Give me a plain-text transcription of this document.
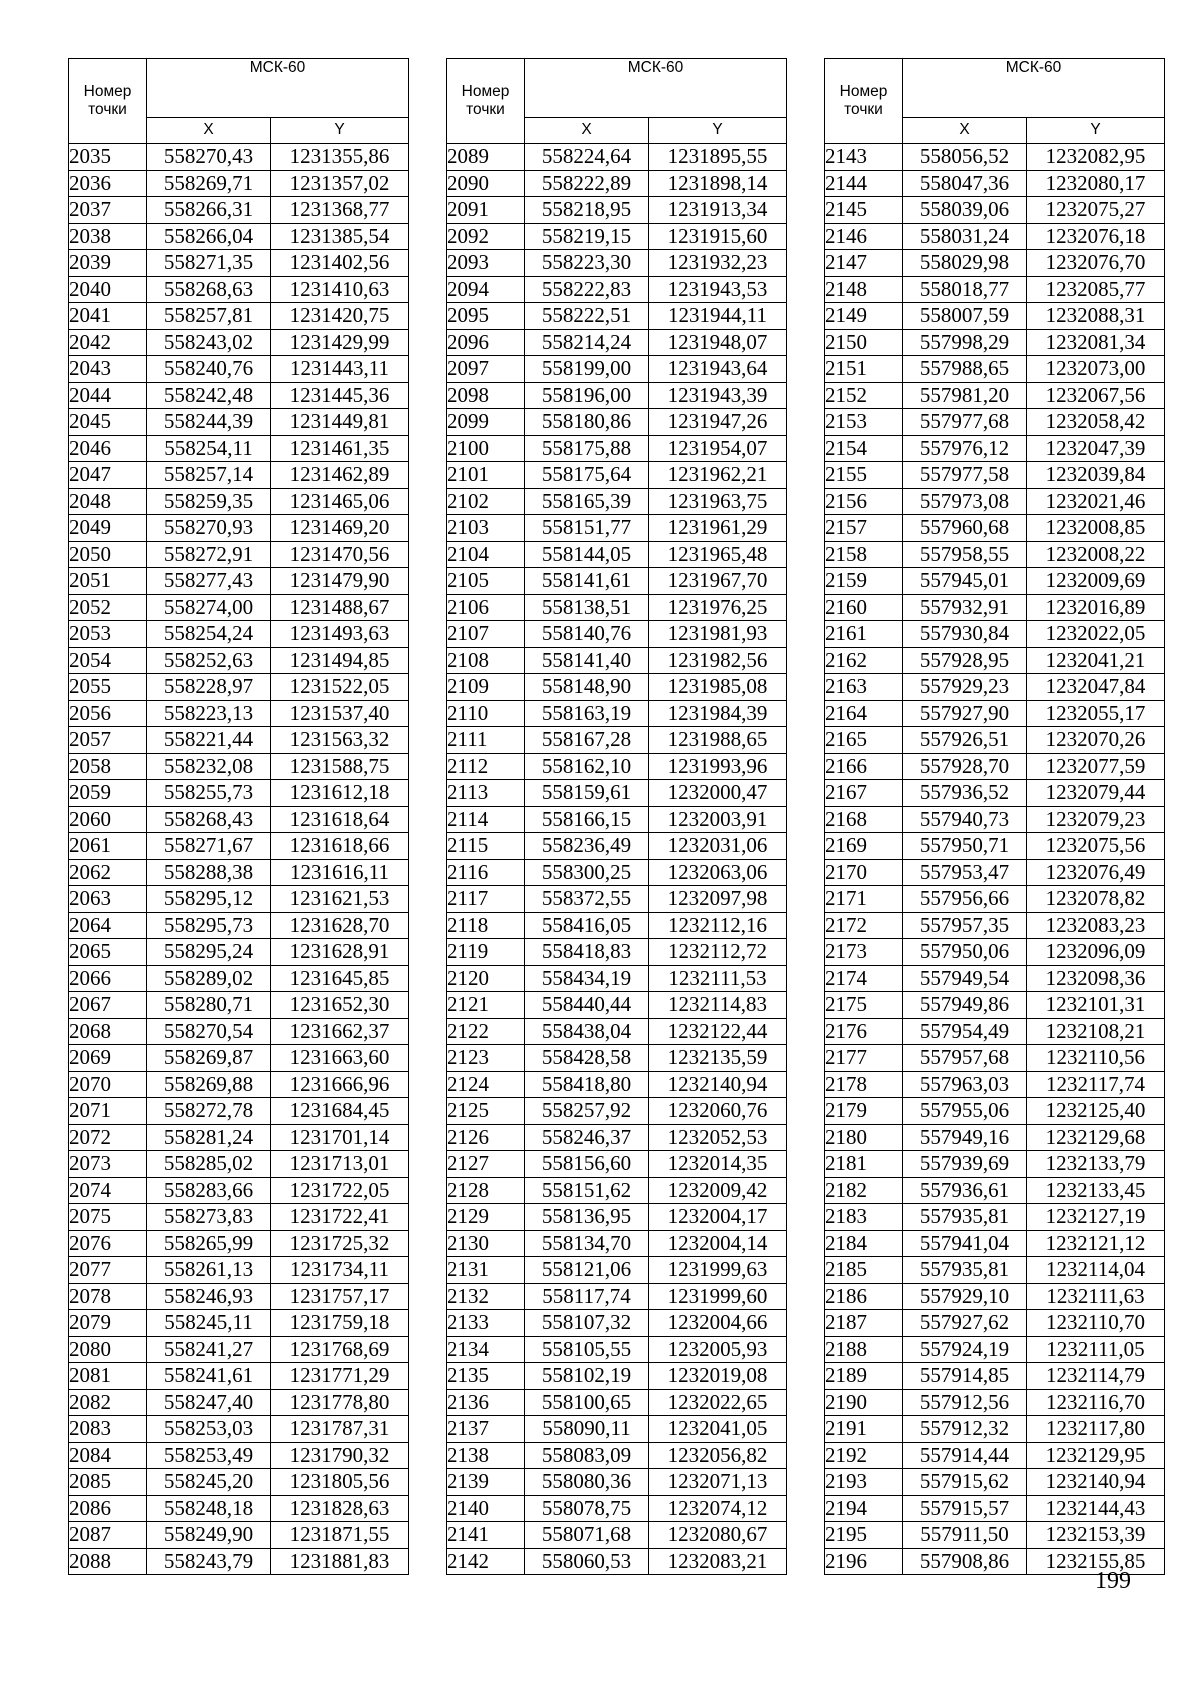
Номер
точки	МСК-60	
	X	Y
2035	558270,43	1231355,86
2036	558269,71	1231357,02
2037	558266,31	1231368,77
2038	558266,04	1231385,54
2039	558271,35	1231402,56
2040	558268,63	1231410,63
2041	558257,81	1231420,75
2042	558243,02	1231429,99
2043	558240,76	1231443,11
2044	558242,48	1231445,36
2045	558244,39	1231449,81
2046	558254,11	1231461,35
2047	558257,14	1231462,89
2048	558259,35	1231465,06
2049	558270,93	1231469,20
2050	558272,91	1231470,56
2051	558277,43	1231479,90
2052	558274,00	1231488,67
2053	558254,24	1231493,63
2054	558252,63	1231494,85
2055	558228,97	1231522,05
2056	558223,13	1231537,40
2057	558221,44	1231563,32
2058	558232,08	1231588,75
2059	558255,73	1231612,18
2060	558268,43	1231618,64
2061	558271,67	1231618,66
2062	558288,38	1231616,11
2063	558295,12	1231621,53
2064	558295,73	1231628,70
2065	558295,24	1231628,91
2066	558289,02	1231645,85
2067	558280,71	1231652,30
2068	558270,54	1231662,37
2069	558269,87	1231663,60
2070	558269,88	1231666,96
2071	558272,78	1231684,45
2072	558281,24	1231701,14
2073	558285,02	1231713,01
2074	558283,66	1231722,05
2075	558273,83	1231722,41
2076	558265,99	1231725,32
2077	558261,13	1231734,11
2078	558246,93	1231757,17
2079	558245,11	1231759,18
2080	558241,27	1231768,69
2081	558241,61	1231771,29
2082	558247,40	1231778,80
2083	558253,03	1231787,31
2084	558253,49	1231790,32
2085	558245,20	1231805,56
2086	558248,18	1231828,63
2087	558249,90	1231871,55
2088	558243,79	1231881,83
Номер
точки	МСК-60	
	X	Y
2089	558224,64	1231895,55
2090	558222,89	1231898,14
2091	558218,95	1231913,34
2092	558219,15	1231915,60
2093	558223,30	1231932,23
2094	558222,83	1231943,53
2095	558222,51	1231944,11
2096	558214,24	1231948,07
2097	558199,00	1231943,64
2098	558196,00	1231943,39
2099	558180,86	1231947,26
2100	558175,88	1231954,07
2101	558175,64	1231962,21
2102	558165,39	1231963,75
2103	558151,77	1231961,29
2104	558144,05	1231965,48
2105	558141,61	1231967,70
2106	558138,51	1231976,25
2107	558140,76	1231981,93
2108	558141,40	1231982,56
2109	558148,90	1231985,08
2110	558163,19	1231984,39
2111	558167,28	1231988,65
2112	558162,10	1231993,96
2113	558159,61	1232000,47
2114	558166,15	1232003,91
2115	558236,49	1232031,06
2116	558300,25	1232063,06
2117	558372,55	1232097,98
2118	558416,05	1232112,16
2119	558418,83	1232112,72
2120	558434,19	1232111,53
2121	558440,44	1232114,83
2122	558438,04	1232122,44
2123	558428,58	1232135,59
2124	558418,80	1232140,94
2125	558257,92	1232060,76
2126	558246,37	1232052,53
2127	558156,60	1232014,35
2128	558151,62	1232009,42
2129	558136,95	1232004,17
2130	558134,70	1232004,14
2131	558121,06	1231999,63
2132	558117,74	1231999,60
2133	558107,32	1232004,66
2134	558105,55	1232005,93
2135	558102,19	1232019,08
2136	558100,65	1232022,65
2137	558090,11	1232041,05
2138	558083,09	1232056,82
2139	558080,36	1232071,13
2140	558078,75	1232074,12
2141	558071,68	1232080,67
2142	558060,53	1232083,21
Номер
точки	МСК-60	
	X	Y
2143	558056,52	1232082,95
2144	558047,36	1232080,17
2145	558039,06	1232075,27
2146	558031,24	1232076,18
2147	558029,98	1232076,70
2148	558018,77	1232085,77
2149	558007,59	1232088,31
2150	557998,29	1232081,34
2151	557988,65	1232073,00
2152	557981,20	1232067,56
2153	557977,68	1232058,42
2154	557976,12	1232047,39
2155	557977,58	1232039,84
2156	557973,08	1232021,46
2157	557960,68	1232008,85
2158	557958,55	1232008,22
2159	557945,01	1232009,69
2160	557932,91	1232016,89
2161	557930,84	1232022,05
2162	557928,95	1232041,21
2163	557929,23	1232047,84
2164	557927,90	1232055,17
2165	557926,51	1232070,26
2166	557928,70	1232077,59
2167	557936,52	1232079,44
2168	557940,73	1232079,23
2169	557950,71	1232075,56
2170	557953,47	1232076,49
2171	557956,66	1232078,82
2172	557957,35	1232083,23
2173	557950,06	1232096,09
2174	557949,54	1232098,36
2175	557949,86	1232101,31
2176	557954,49	1232108,21
2177	557957,68	1232110,56
2178	557963,03	1232117,74
2179	557955,06	1232125,40
2180	557949,16	1232129,68
2181	557939,69	1232133,79
2182	557936,61	1232133,45
2183	557935,81	1232127,19
2184	557941,04	1232121,12
2185	557935,81	1232114,04
2186	557929,10	1232111,63
2187	557927,62	1232110,70
2188	557924,19	1232111,05
2189	557914,85	1232114,79
2190	557912,56	1232116,70
2191	557912,32	1232117,80
2192	557914,44	1232129,95
2193	557915,62	1232140,94
2194	557915,57	1232144,43
2195	557911,50	1232153,39
2196	557908,86	1232155,85
199
